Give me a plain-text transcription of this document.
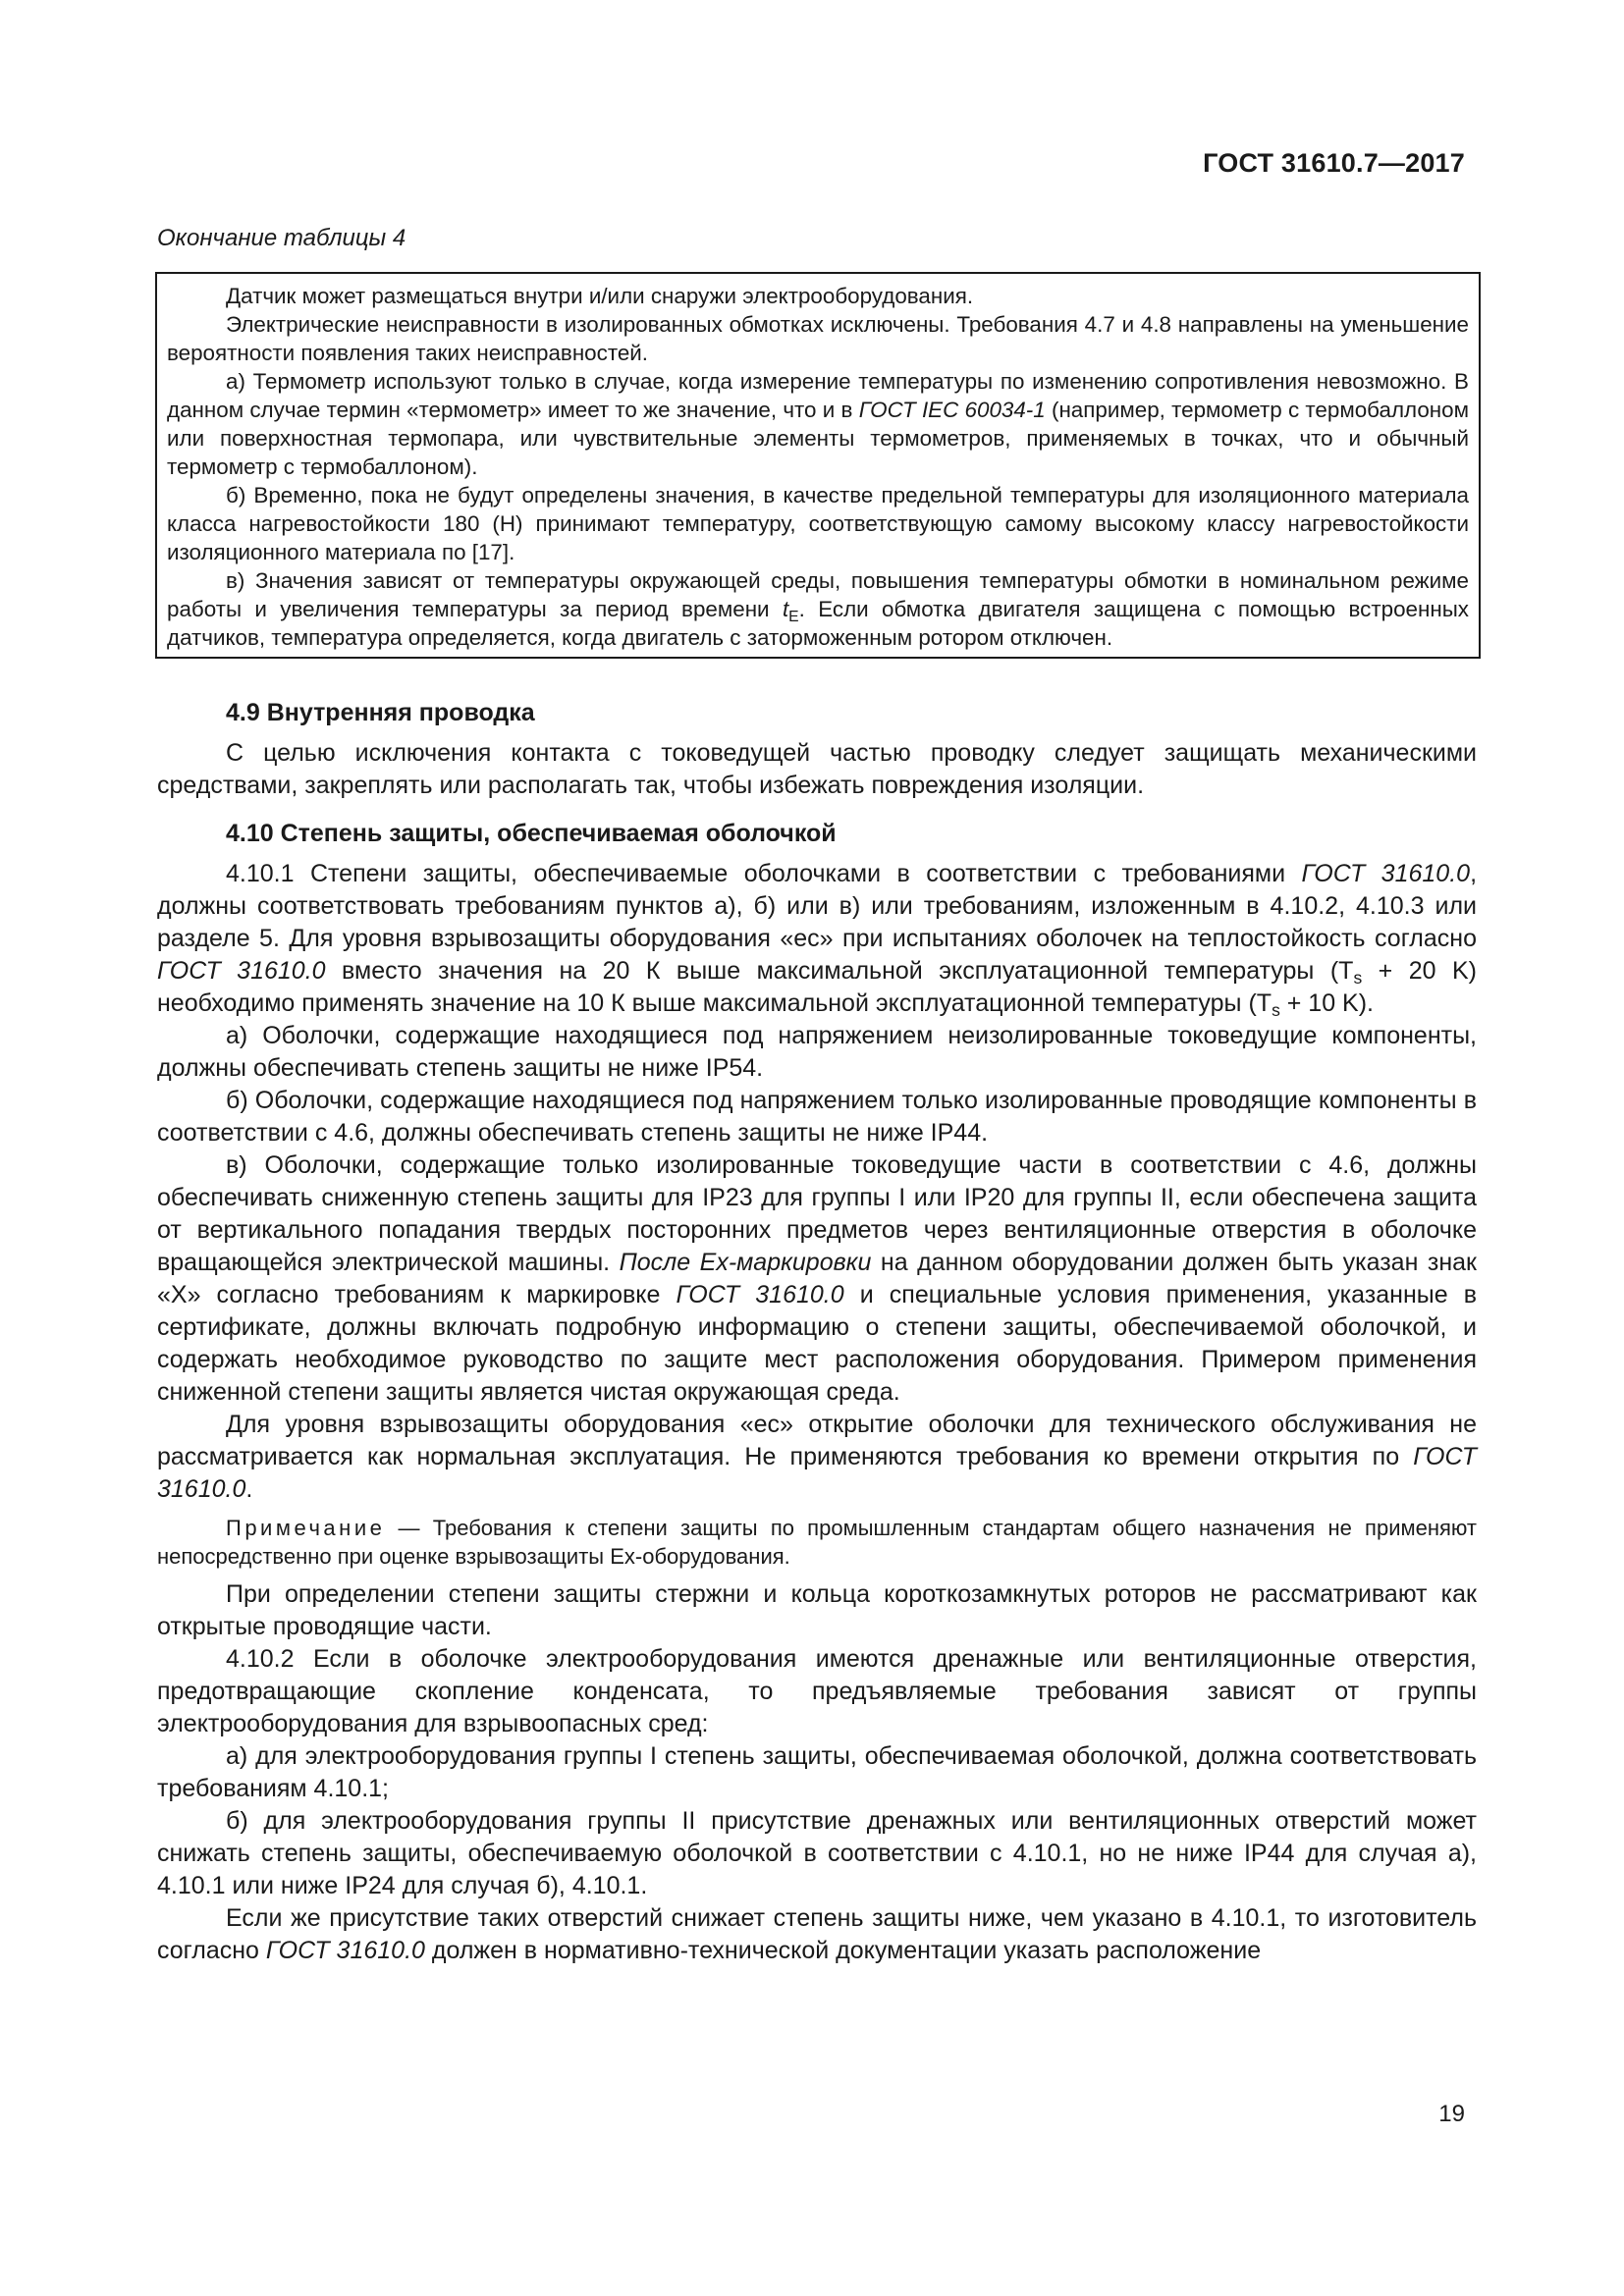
ГОСТ 31610.7—2017
Окончание таблицы 4

Датчик может размещаться внутри и/или снаружи электрооборудования.

Электрические неисправности в изолированных обмотках исключены. Требования 4.7 и 4.8 направлены на уменьшение вероятности появления таких неисправностей.

а) Термометр используют только в случае, когда измерение температуры по изменению сопротивления невозможно. В данном случае термин «термометр» имеет то же значение, что и в ГОСТ IEC 60034-1 (например, термометр с термобаллоном или поверхностная термопара, или чувствительные элементы термометров, применяемых в точках, что и обычный термометр с термобаллоном).

б) Временно, пока не будут определены значения, в качестве предельной температуры для изоляционного материала класса нагревостойкости 180 (Н) принимают температуру, соответствующую самому высокому классу нагревостойкости изоляционного материала по [17].

в) Значения зависят от температуры окружающей среды, повышения температуры обмотки в номинальном режиме работы и увеличения температуры за период времени $t_E$. Если обмотка двигателя защищена с помощью встроенных датчиков, температура определяется, когда двигатель с заторможенным ротором отключен.

4.9 Внутренняя проводка

С целью исключения контакта с токоведущей частью проводку следует защищать механическими средствами, закреплять или располагать так, чтобы избежать повреждения изоляции.

4.10 Степень защиты, обеспечиваемая оболочкой

4.10.1 Степени защиты, обеспечиваемые оболочками в соответствии с требованиями ГОСТ 31610.0, должны соответствовать требованиям пунктов а), б) или в) или требованиям, изложенным в 4.10.2, 4.10.3 или разделе 5. Для уровня взрывозащиты оборудования «ес» при испытаниях оболочек на теплостойкость согласно ГОСТ 31610.0 вместо значения на 20 К выше максимальной эксплуатационной температуры ($T_s + 20$ K) необходимо применять значение на 10 К выше максимальной эксплуатационной температуры ($T_s + 10$ K).

а) Оболочки, содержащие находящиеся под напряжением неизолированные токоведущие компоненты, должны обеспечивать степень защиты не ниже IP54.

б) Оболочки, содержащие находящиеся под напряжением только изолированные проводящие компоненты в соответствии с 4.6, должны обеспечивать степень защиты не ниже IP44.

в) Оболочки, содержащие только изолированные токоведущие части в соответствии с 4.6, должны обеспечивать сниженную степень защиты для IP23 для группы I или IP20 для группы II, если обеспечена защита от вертикального попадания твердых посторонних предметов через вентиляционные отверстия в оболочке вращающейся электрической машины. После Ex-маркировки на данном оборудовании должен быть указан знак «Х» согласно требованиям к маркировке ГОСТ 31610.0 и специальные условия применения, указанные в сертификате, должны включать подробную информацию о степени защиты, обеспечиваемой оболочкой, и содержать необходимое руководство по защите мест расположения оборудования. Примером применения сниженной степени защиты является чистая окружающая среда.

Для уровня взрывозащиты оборудования «ес» открытие оболочки для технического обслуживания не рассматривается как нормальная эксплуатация. Не применяются требования ко времени открытия по ГОСТ 31610.0.

Примечание — Требования к степени защиты по промышленным стандартам общего назначения не применяют непосредственно при оценке взрывозащиты Ex-оборудования.

При определении степени защиты стержни и кольца короткозамкнутых роторов не рассматривают как открытые проводящие части.

4.10.2 Если в оболочке электрооборудования имеются дренажные или вентиляционные отверстия, предотвращающие скопление конденсата, то предъявляемые требования зависят от группы электрооборудования для взрывоопасных сред:

а) для электрооборудования группы I степень защиты, обеспечиваемая оболочкой, должна соответствовать требованиям 4.10.1;

б) для электрооборудования группы II присутствие дренажных или вентиляционных отверстий может снижать степень защиты, обеспечиваемую оболочкой в соответствии с 4.10.1, но не ниже IP44 для случая а), 4.10.1 или ниже IP24 для случая б), 4.10.1.

Если же присутствие таких отверстий снижает степень защиты ниже, чем указано в 4.10.1, то изготовитель согласно ГОСТ 31610.0 должен в нормативно-технической документации указать расположение

19
